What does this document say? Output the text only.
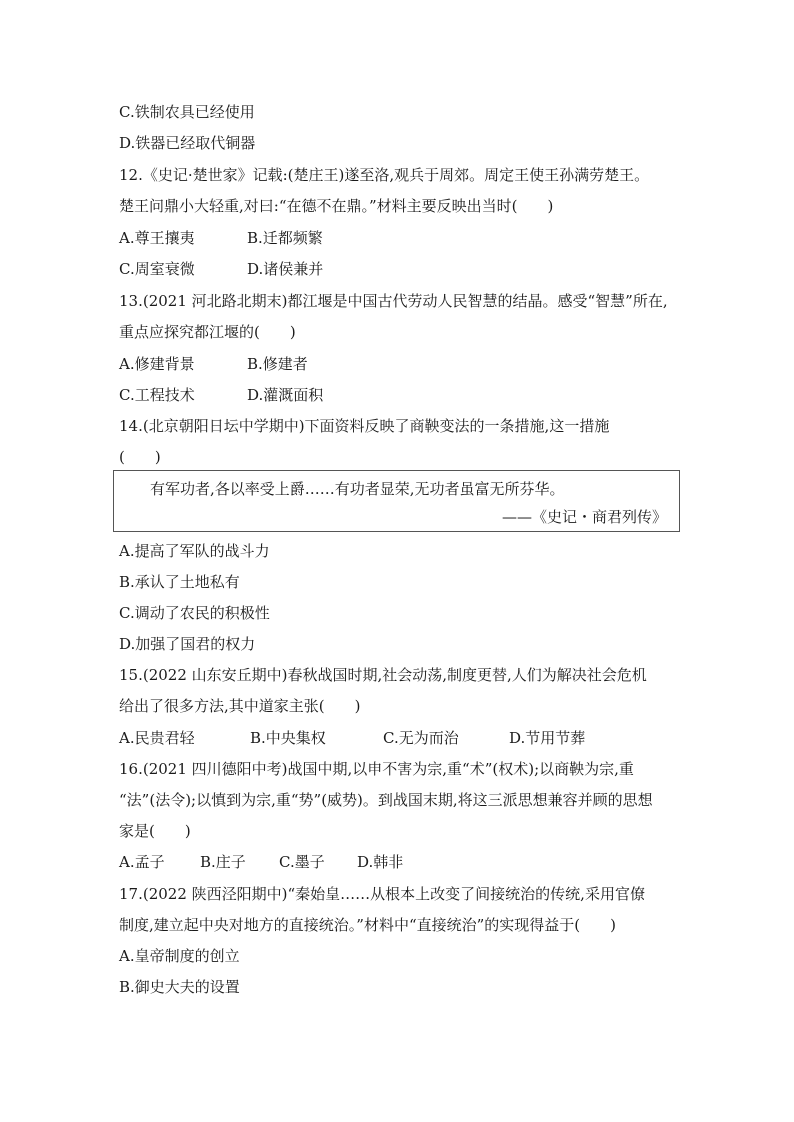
C.铁制农具已经使用
D.铁器已经取代铜器
12.《史记·楚世家》记载:(楚庄王)遂至洛,观兵于周郊。周定王使王孙满劳楚王。
楚王问鼎小大轻重,对曰:“在德不在鼎。”材料主要反映出当时(　　)
A.尊王攘夷	B.迁都频繁
C.周室衰微	D.诸侯兼并
13.(2021 河北路北期末)都江堰是中国古代劳动人民智慧的结晶。感受“智慧”所在,
重点应探究都江堰的(　　)
A.修建背景	B.修建者
C.工程技术	D.灌溉面积
14.(北京朝阳日坛中学期中)下面资料反映了商鞅变法的一条措施,这一措施
(　　)
有军功者,各以率受上爵……有功者显荣,无功者虽富无所芬华。
——《史记・商君列传》
A.提高了军队的战斗力
B.承认了土地私有
C.调动了农民的积极性
D.加强了国君的权力
15.(2022 山东安丘期中)春秋战国时期,社会动荡,制度更替,人们为解决社会危机
给出了很多方法,其中道家主张(　　)
A.民贵君轻	B.中央集权	C.无为而治	D.节用节葬
16.(2021 四川德阳中考)战国中期,以申不害为宗,重“术”(权术);以商鞅为宗,重
“法”(法令);以慎到为宗,重“势”(威势)。到战国末期,将这三派思想兼容并顾的思想
家是(　　)
A.孟子 B.庄子 C.墨子 D.韩非
17.(2022 陕西泾阳期中)“秦始皇……从根本上改变了间接统治的传统,采用官僚
制度,建立起中央对地方的直接统治。”材料中“直接统治”的实现得益于(　　)
A.皇帝制度的创立
B.御史大夫的设置
